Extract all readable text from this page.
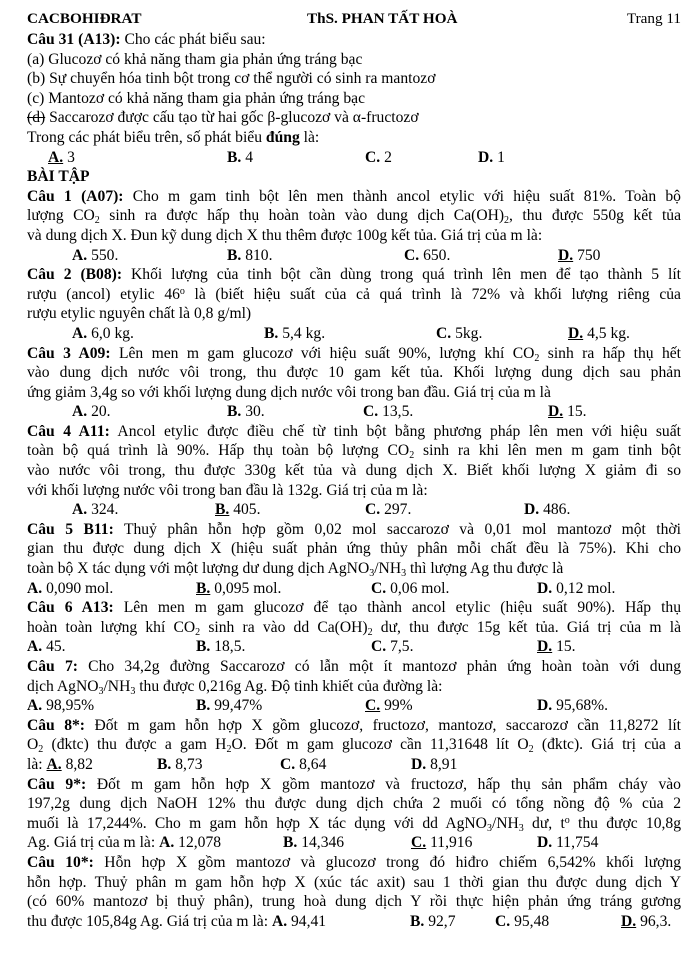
CACBOHIĐRAT	ThS. PHAN TẤT HOÀ	Trang 11
Câu 31 (A13): Cho các phát biểu sau:
(a) Glucozơ có khả năng tham gia phản ứng tráng bạc
(b) Sự chuyển hóa tinh bột trong cơ thể người có sinh ra mantozơ
(c) Mantozơ có khả năng tham gia phản ứng tráng bạc
(d) Saccarozơ được cấu tạo từ hai gốc β-glucozơ và α-fructozơ
Trong các phát biểu trên, số phát biểu đúng là:
A. 3	B. 4	C. 2	D. 1
BÀI TẬP
Câu 1 (A07): Cho m gam tinh bột lên men thành ancol etylic với hiệu suất 81%. Toàn bộ
lượng $CO_2$ sinh ra được hấp thụ hoàn toàn vào dung dịch $Ca(OH)_2$, thu được 550g kết tủa
và dung dịch X. Đun kỹ dung dịch X thu thêm được 100g kết tủa. Giá trị của m là:
A. 550.	B. 810.	C. 650.	D. 750
Câu 2 (B08): Khối lượng của tinh bột cần dùng trong quá trình lên men để tạo thành 5 lít
rượu (ancol) etylic 46$^o$ là (biết hiệu suất của cả quá trình là 72% và khối lượng riêng của
rượu etylic nguyên chất là 0,8 g/ml)
A. 6,0 kg.	B. 5,4 kg.	C. 5kg.	D. 4,5 kg.
Câu 3 A09: Lên men m gam glucozơ với hiệu suất 90%, lượng khí $CO_2$ sinh ra hấp thụ hết
vào dung dịch nước vôi trong, thu được 10 gam kết tủa. Khối lượng dung dịch sau phản
ứng giảm 3,4g so với khối lượng dung dịch nước vôi trong ban đầu. Giá trị của m là
A. 20.	B. 30.	C. 13,5.	D. 15.
Câu 4 A11: Ancol etylic được điều chế từ tinh bột bằng phương pháp lên men với hiệu suất
toàn bộ quá trình là 90%. Hấp thụ toàn bộ lượng $CO_2$ sinh ra khi lên men m gam tinh bột
vào nước vôi trong, thu được 330g kết tủa và dung dịch X. Biết khối lượng X giảm đi so
với khối lượng nước vôi trong ban đầu là 132g. Giá trị của m là:
A. 324.	B. 405.	C. 297.	D. 486.
Câu 5 B11: Thuỷ phân hỗn hợp gồm 0,02 mol saccarozơ và 0,01 mol mantozơ một thời
gian thu được dung dịch X (hiệu suất phản ứng thủy phân mỗi chất đều là 75%). Khi cho
toàn bộ X tác dụng với một lượng dư dung dịch $AgNO_3/NH_3$ thì lượng Ag thu được là
A. 0,090 mol.	B. 0,095 mol.	C. 0,06 mol.	D. 0,12 mol.
Câu 6 A13: Lên men m gam glucozơ để tạo thành ancol etylic (hiệu suất 90%). Hấp thụ
hoàn toàn lượng khí $CO_2$ sinh ra vào dd $Ca(OH)_2$ dư, thu được 15g kết tủa. Giá trị của m là
A. 45.	B. 18,5.	C. 7,5.	D. 15.
Câu 7: Cho 34,2g đường Saccarozơ có lẫn một ít mantozơ phản ứng hoàn toàn với dung
dịch $AgNO_3/NH_3$ thu được 0,216g Ag. Độ tinh khiết của đường là:
A. 98,95%	B. 99,47%	C. 99%	D. 95,68%.
Câu 8*: Đốt m gam hỗn hợp X gồm glucozơ, fructozơ, mantozơ, saccarozơ cần 11,8272 lít
$O_2$ (đktc) thu được a gam $H_2O$. Đốt m gam glucozơ cần 11,31648 lít $O_2$ (đktc). Giá trị của a
là: A. 8,82	B. 8,73	C. 8,64	D. 8,91
Câu 9*: Đốt m gam hỗn hợp X gồm mantozơ và fructozơ, hấp thụ sản phẩm cháy vào
197,2g dung dịch NaOH 12% thu được dung dịch chứa 2 muối có tổng nồng độ % của 2
muối là 17,244%. Cho m gam hỗn hợp X tác dụng với dd $AgNO_3/NH_3$ dư, $t^o$ thu được 10,8g
Ag. Giá trị của m là: A. 12,078	B. 14,346	C. 11,916	D. 11,754
Câu 10*: Hỗn hợp X gồm mantozơ và glucozơ trong đó hiđro chiếm 6,542% khối lượng
hỗn hợp. Thuỷ phân m gam hỗn hợp X (xúc tác axit) sau 1 thời gian thu được dung dịch Y
(có 60% mantozơ bị thuỷ phân), trung hoà dung dịch Y rồi thực hiện phản ứng tráng gương
thu được 105,84g Ag. Giá trị của m là: A. 94,41	B. 92,7	C. 95,48	D. 96,3.
